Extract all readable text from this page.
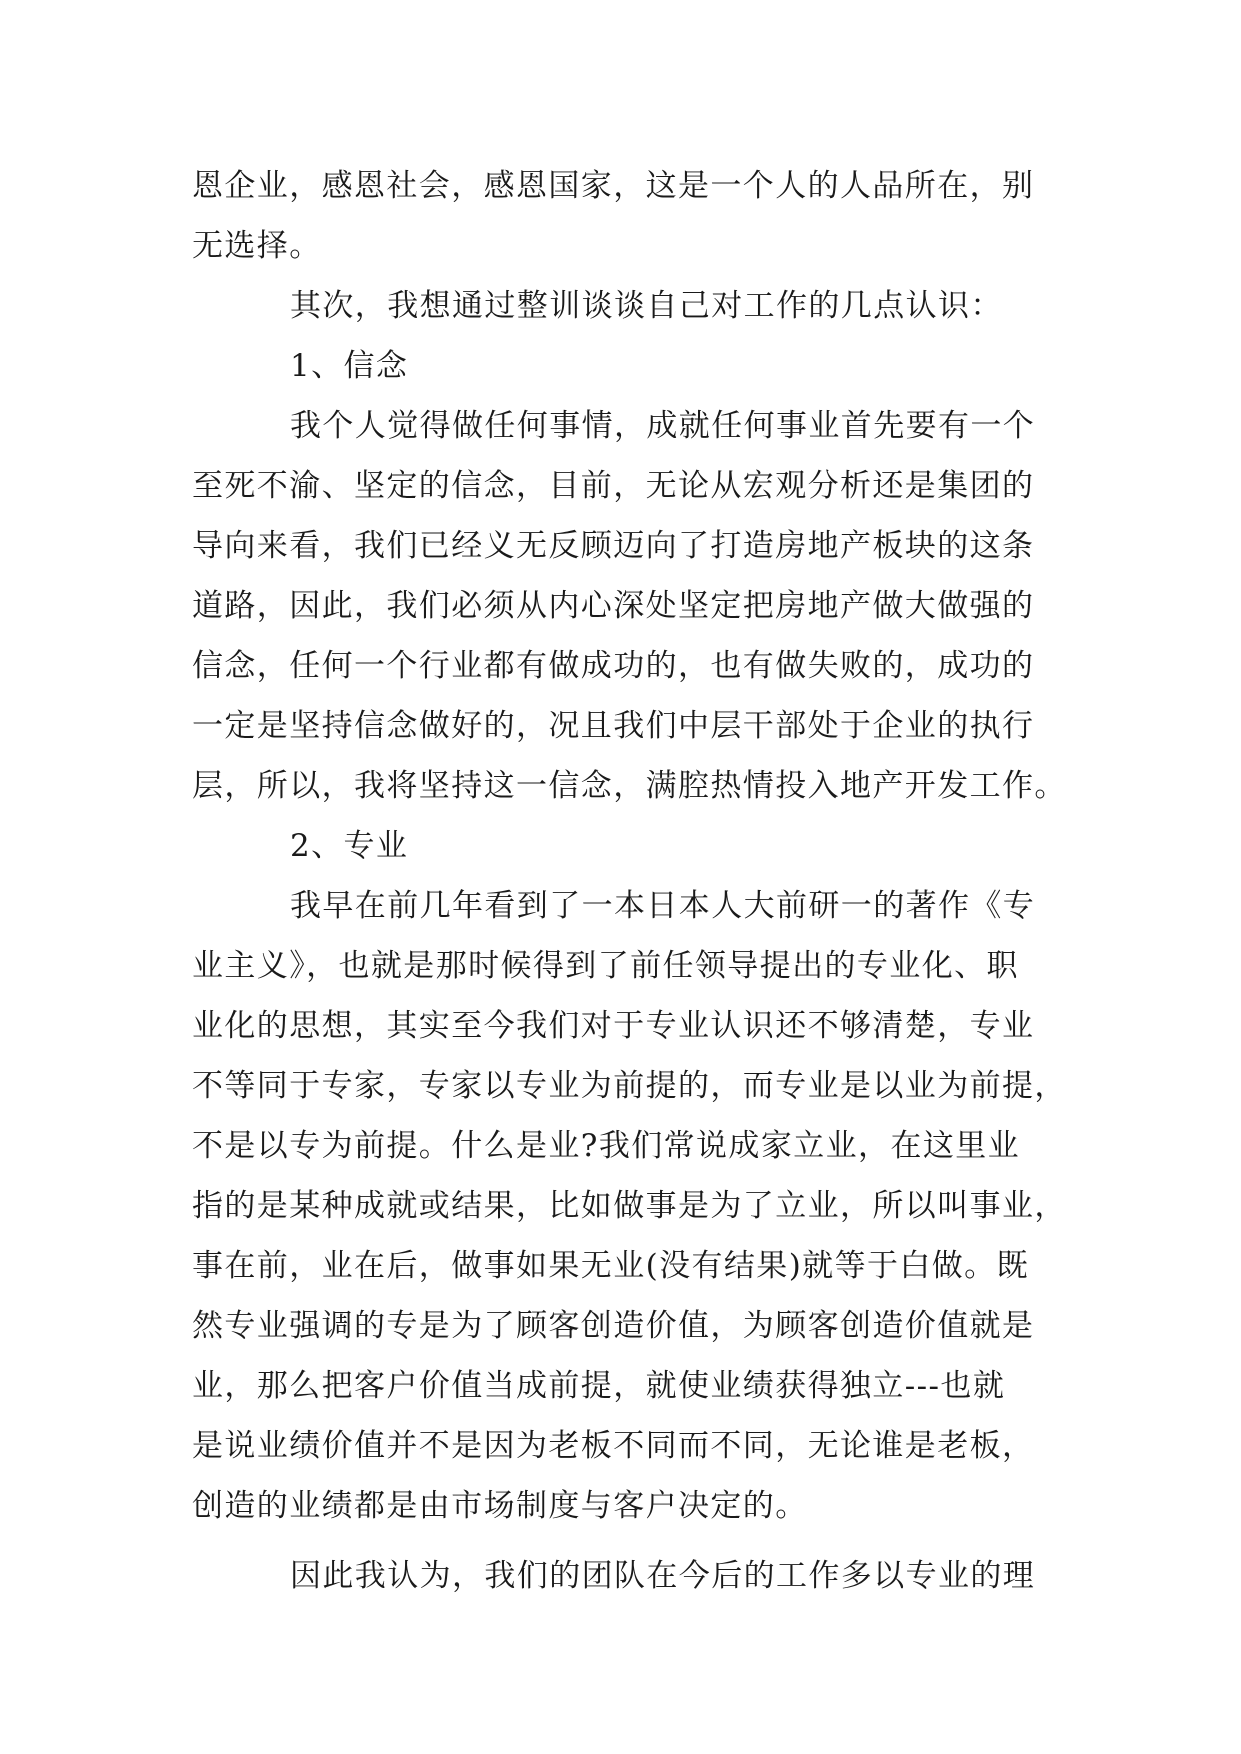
恩企业，感恩社会，感恩国家，这是一个人的人品所在，别

无选择。

其次，我想通过整训谈谈自己对工作的几点认识：

1、信念

我个人觉得做任何事情，成就任何事业首先要有一个

至死不渝、坚定的信念，目前，无论从宏观分析还是集团的

导向来看，我们已经义无反顾迈向了打造房地产板块的这条

道路，因此，我们必须从内心深处坚定把房地产做大做强的

信念，任何一个行业都有做成功的，也有做失败的，成功的

一定是坚持信念做好的，况且我们中层干部处于企业的执行

层，所以，我将坚持这一信念，满腔热情投入地产开发工作。

2、专业

我早在前几年看到了一本日本人大前研一的著作《专

业主义》，也就是那时候得到了前任领导提出的专业化、职

业化的思想，其实至今我们对于专业认识还不够清楚，专业

不等同于专家，专家以专业为前提的，而专业是以业为前提，

不是以专为前提。什么是业?我们常说成家立业，在这里业

指的是某种成就或结果，比如做事是为了立业，所以叫事业，

事在前，业在后，做事如果无业(没有结果)就等于白做。既

然专业强调的专是为了顾客创造价值，为顾客创造价值就是

业，那么把客户价值当成前提，就使业绩获得独立---也就

是说业绩价值并不是因为老板不同而不同，无论谁是老板，

创造的业绩都是由市场制度与客户决定的。

因此我认为，我们的团队在今后的工作多以专业的理
